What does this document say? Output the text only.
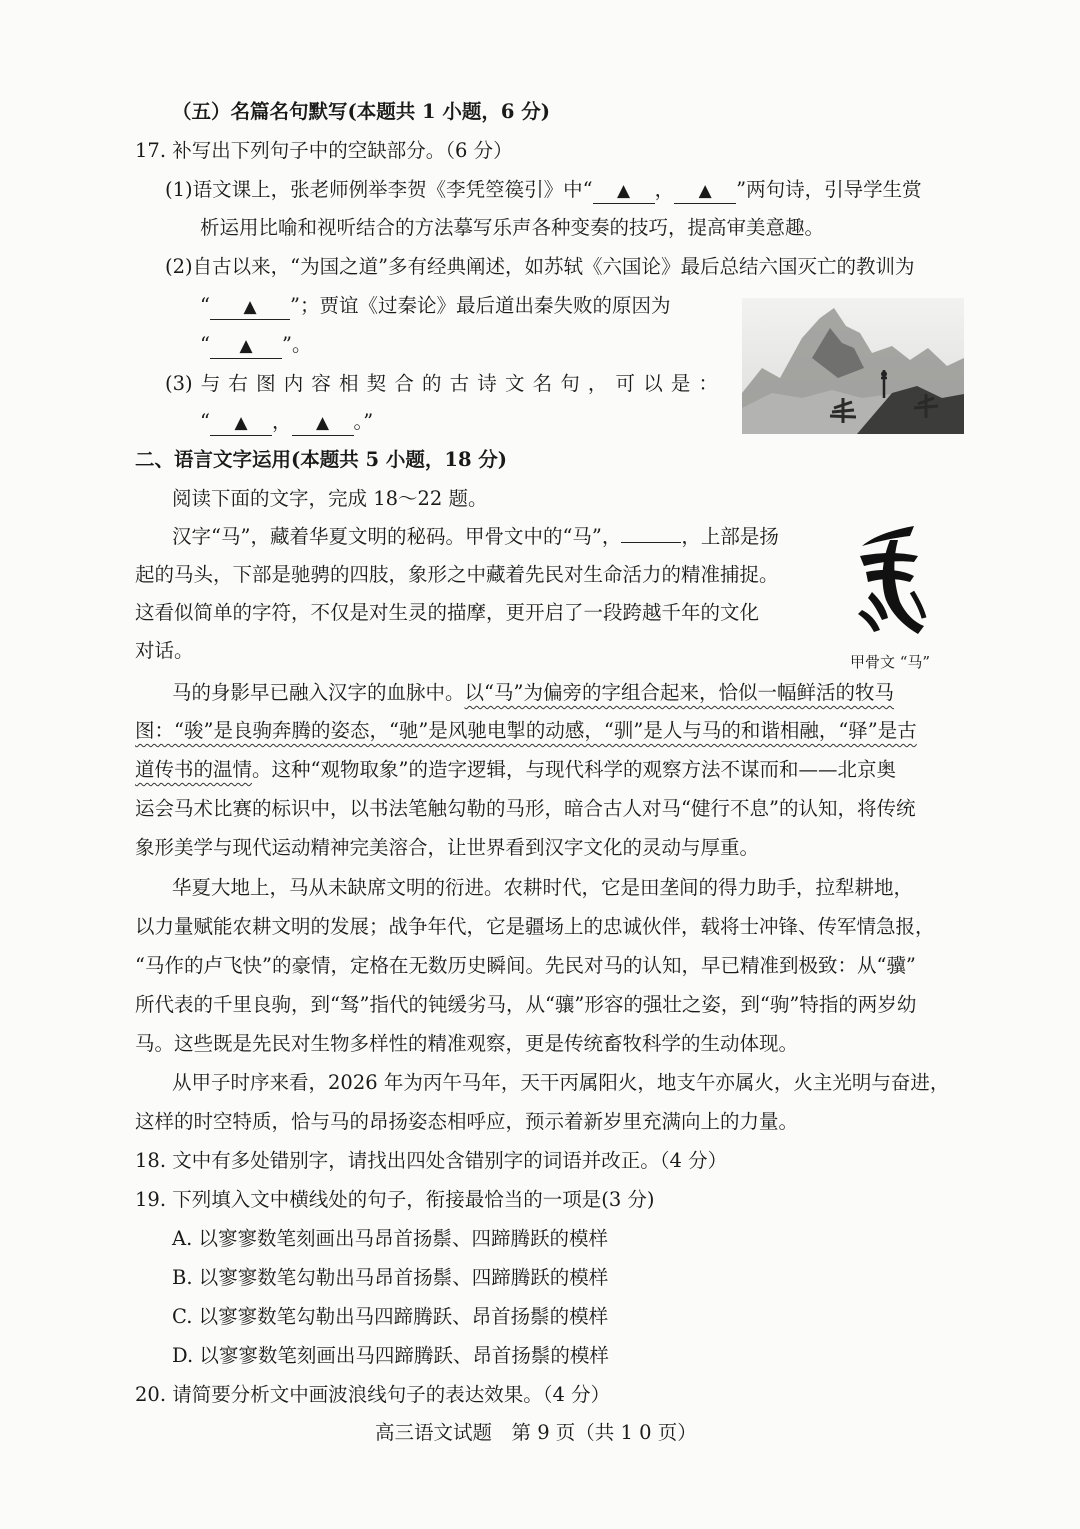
（五）名篇名句默写(本题共 1 小题，6 分)
17. 补写出下列句子中的空缺部分。（6 分）
(1)语文课上，张老师例举李贺《李凭箜篌引》中“ ▲ ， ▲ ”两句诗，引导学生赏
析运用比喻和视听结合的方法摹写乐声各种变奏的技巧，提高审美意趣。
(2)自古以来，“为国之道”多有经典阐述，如苏轼《六国论》最后总结六国灭亡的教训为
“ ▲ ”；贾谊《过秦论》最后道出秦失败的原因为
“ ▲ ”。
(3)与右图内容相契合的古诗文名句，可以是：
“ ▲ ， ▲ 。”
二、语言文字运用(本题共 5 小题，18 分)
阅读下面的文字，完成 18～22 题。
汉字“马”，藏着华夏文明的秘码。甲骨文中的“马”，	，上部是扬
起的马头，下部是驰骋的四肢，象形之中藏着先民对生命活力的精准捕捉。
这看似简单的字符，不仅是对生灵的描摩，更开启了一段跨越千年的文化
对话。	甲骨文 “马”
马的身影早已融入汉字的血脉中。以“马”为偏旁的字组合起来，恰似一幅鲜活的牧马
图：“骏”是良驹奔腾的姿态，“驰”是风驰电掣的动感，“驯”是人与马的和谐相融，“驿”是古
道传书的温情。这种“观物取象”的造字逻辑，与现代科学的观察方法不谋而和——北京奥
运会马术比赛的标识中，以书法笔触勾勒的马形，暗合古人对马“健行不息”的认知，将传统
象形美学与现代运动精神完美溶合，让世界看到汉字文化的灵动与厚重。
华夏大地上，马从未缺席文明的衍进。农耕时代，它是田垄间的得力助手，拉犁耕地，
以力量赋能农耕文明的发展；战争年代，它是疆场上的忠诚伙伴，载将士冲锋、传军情急报，
“马作的卢飞快”的豪情，定格在无数历史瞬间。先民对马的认知，早已精准到极致：从“骥”
所代表的千里良驹，到“驽”指代的钝缓劣马，从“骧”形容的强壮之姿，到“驹”特指的两岁幼
马。这些既是先民对生物多样性的精准观察，更是传统畜牧科学的生动体现。
从甲子时序来看，2026 年为丙午马年，天干丙属阳火，地支午亦属火，火主光明与奋进，
这样的时空特质，恰与马的昂扬姿态相呼应，预示着新岁里充满向上的力量。
18. 文中有多处错别字，请找出四处含错别字的词语并改正。（4 分）
19. 下列填入文中横线处的句子，衔接最恰当的一项是(3 分)
A. 以寥寥数笔刻画出马昂首扬鬃、四蹄腾跃的模样
B. 以寥寥数笔勾勒出马昂首扬鬃、四蹄腾跃的模样
C. 以寥寥数笔勾勒出马四蹄腾跃、昂首扬鬃的模样
D. 以寥寥数笔刻画出马四蹄腾跃、昂首扬鬃的模样
20. 请简要分析文中画波浪线句子的表达效果。（4 分）
高三语文试题　第 9 页（共 1 0 页）
